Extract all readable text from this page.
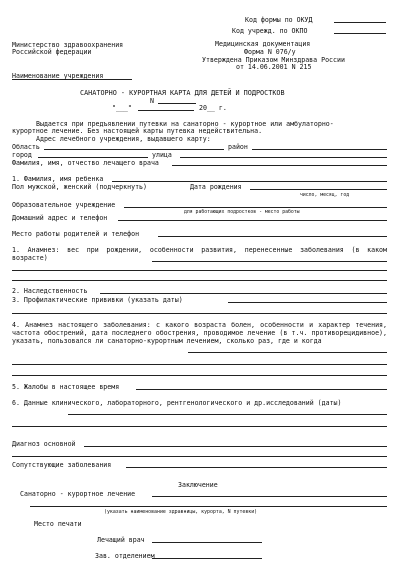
Код формы по ОКУД
Код учрежд. по ОКПО
Министерство здравоохранения
Российской федерации
Медицинская документация
Форма N 076/у
Утверждена Приказом Минздрава России
от 14.06.2001 N 215
Наименование учреждения
САНАТОРНО - КУРОРТНАЯ КАРТА ДЛЯ ДЕТЕЙ И ПОДРОСТКОВ
N
"___"	20__ г.
Выдается при предъявлении путевки на санаторно - курортное или амбулаторно-
курортное лечение. Без настоящей карты путевка недействительна.
Адрес лечебного учреждения, выдавшего карту:
Область	район
город	улица
Фамилия, имя, отчество лечащего врача
1. Фамилия, имя ребенка
Пол мужской, женский (подчеркнуть)	Дата рождения
число, месяц, год
Образовательное учреждение
для работающих подростков - место работы
Домашний адрес и телефон
Место работы родителей и телефон
1. Анамнез: вес при рождении, особенности развития, перенесенные заболевания (в каком возрасте)
2. Наследственность
3. Профилактические прививки (указать даты)
4. Анамнез настоящего заболевания: с какого возраста болен, особенности и характер течения, частота обострений, дата последнего обострения, проводимое лечение (в т.ч. противорецидивное), указать, пользовался ли санаторно-курортным лечением, сколько раз, где и когда
5. Жалобы в настоящее время
6. Данные клинического, лабораторного, рентгенологического и др.исследований (даты)
Диагноз основной
Сопутствующие заболевания
Заключение
Санаторно - курортное лечение
(указать наименование здравницы, курорта, N путевки)
Место печати
Лечащий врач
Зав. отделением
